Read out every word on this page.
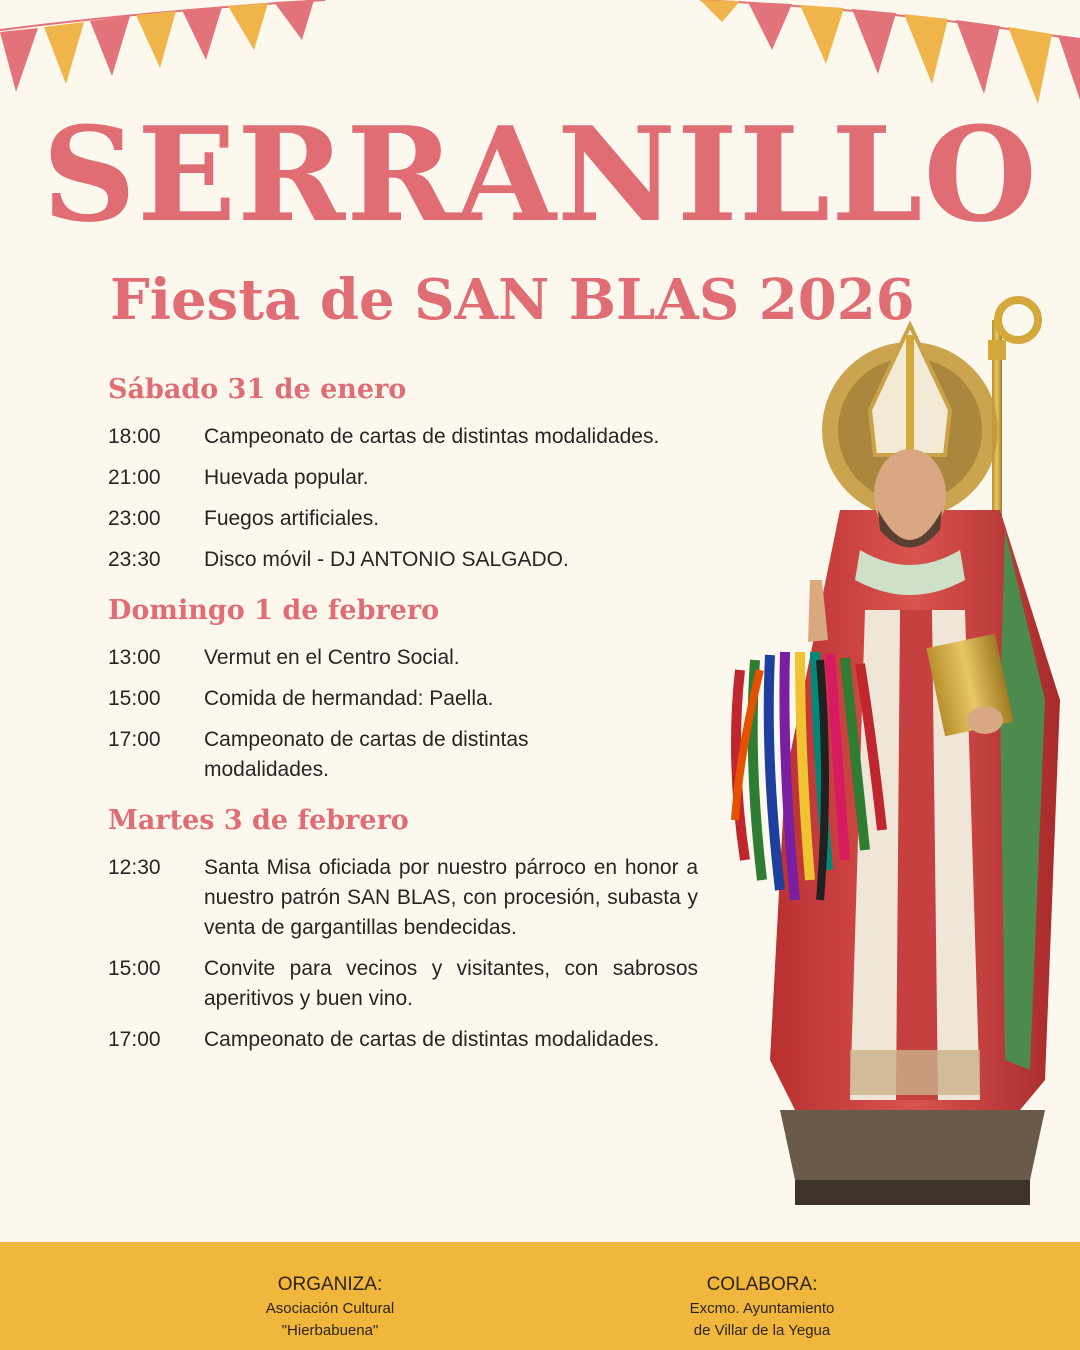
SERRANILLO
Fiesta de SAN BLAS 2026
Sábado 31 de enero
18:00	Campeonato de cartas de distintas modalidades.
21:00	Huevada popular.
23:00	Fuegos artificiales.
23:30	Disco móvil - DJ ANTONIO SALGADO.
Domingo 1 de febrero
13:00	Vermut en el Centro Social.
15:00	Comida de hermandad: Paella.
17:00	Campeonato de cartas de distintas modalidades.
Martes 3 de febrero
12:30	Santa Misa oficiada por nuestro párroco en honor a nuestro patrón SAN BLAS, con procesión, subasta y venta de gargantillas bendecidas.
15:00	Convite para vecinos y visitantes, con sabrosos aperitivos y buen vino.
17:00	Campeonato de cartas de distintas modalidades.
ORGANIZA:
Asociación Cultural
"Hierbabuena"
COLABORA:
Excmo. Ayuntamiento
de Villar de la Yegua
